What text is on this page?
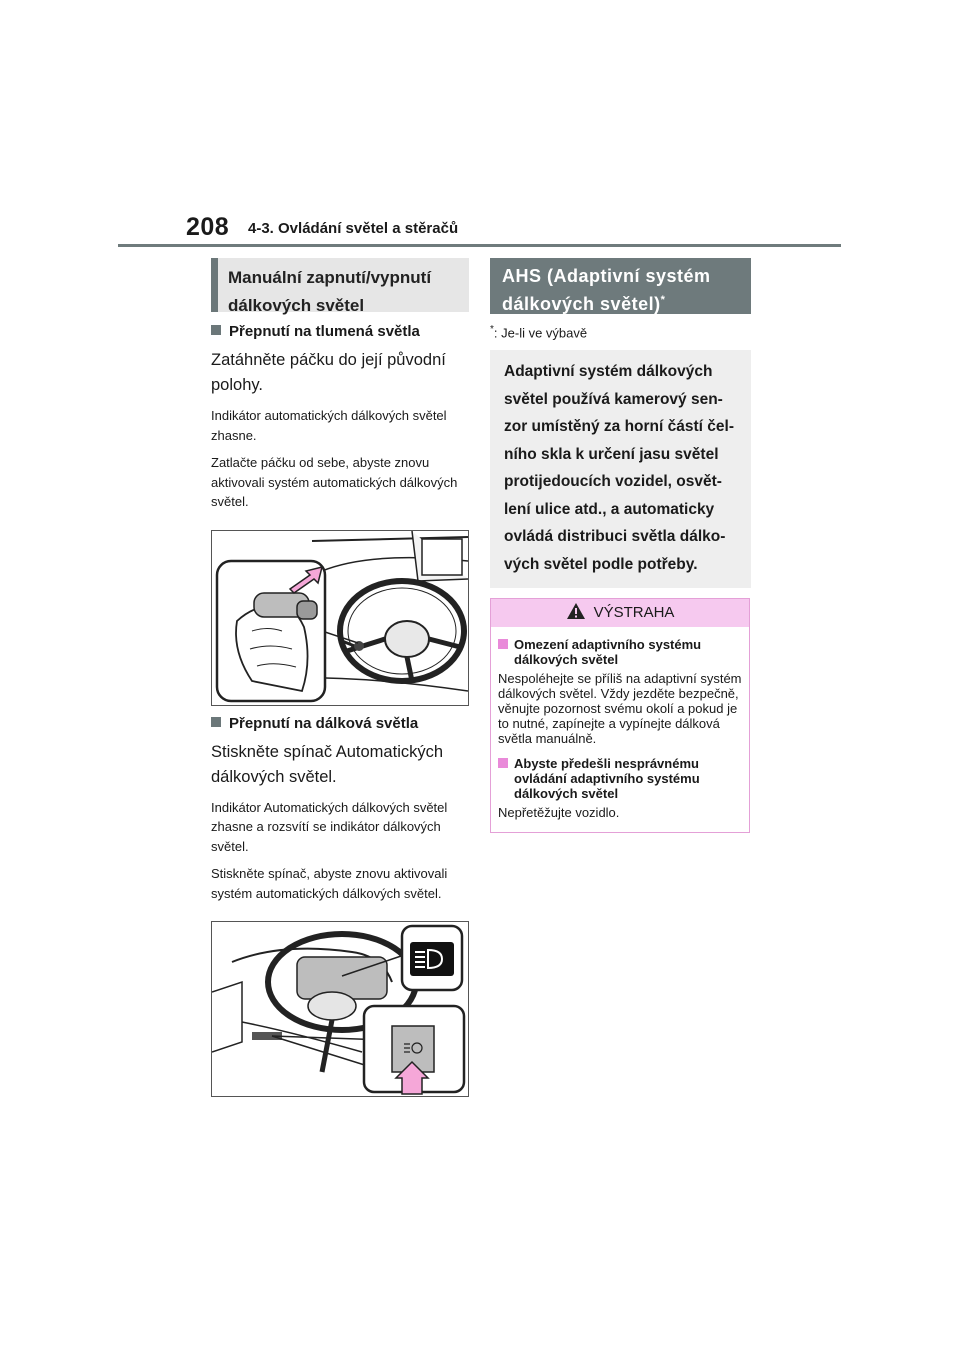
208 4-3. Ovládání světel a stěračů
Manuální zapnutí/vypnutí
dálkových světel

Přepnutí na tlumená světla

Zatáhněte páčku do její původní polohy.

Indikátor automatických dálkových světel zhasne.

Zatlačte páčku od sebe, abyste znovu aktivovali systém automatických dálkových světel.

Přepnutí na dálková světla

Stiskněte spínač Automatických dálkových světel.

Indikátor Automatických dálkových světel zhasne a rozsvítí se indikátor dálkových světel.

Stiskněte spínač, abyste znovu aktivovali systém automatických dálkových světel.

AHS (Adaptivní systém
dálkových světel)*

*: Je-li ve výbavě

Adaptivní systém dálkových

světel používá kamerový sen-

zor umístěný za horní částí čel-

ního skla k určení jasu světel

protijedoucích vozidel, osvět-

lení ulice atd., a automaticky

ovládá distribuci světla dálko-

vých světel podle potřeby.

VÝSTRAHA

Omezení adaptivního systému dálkových světel

Nespoléhejte se příliš na adaptivní systém dálkových světel. Vždy jezděte bezpečně, věnujte pozornost svému okolí a pokud je to nutné, zapínejte a vypínejte dálková světla manuálně.

Abyste předešli nesprávnému ovládání adaptivního systému dálkových světel

Nepřetěžujte vozidlo.
